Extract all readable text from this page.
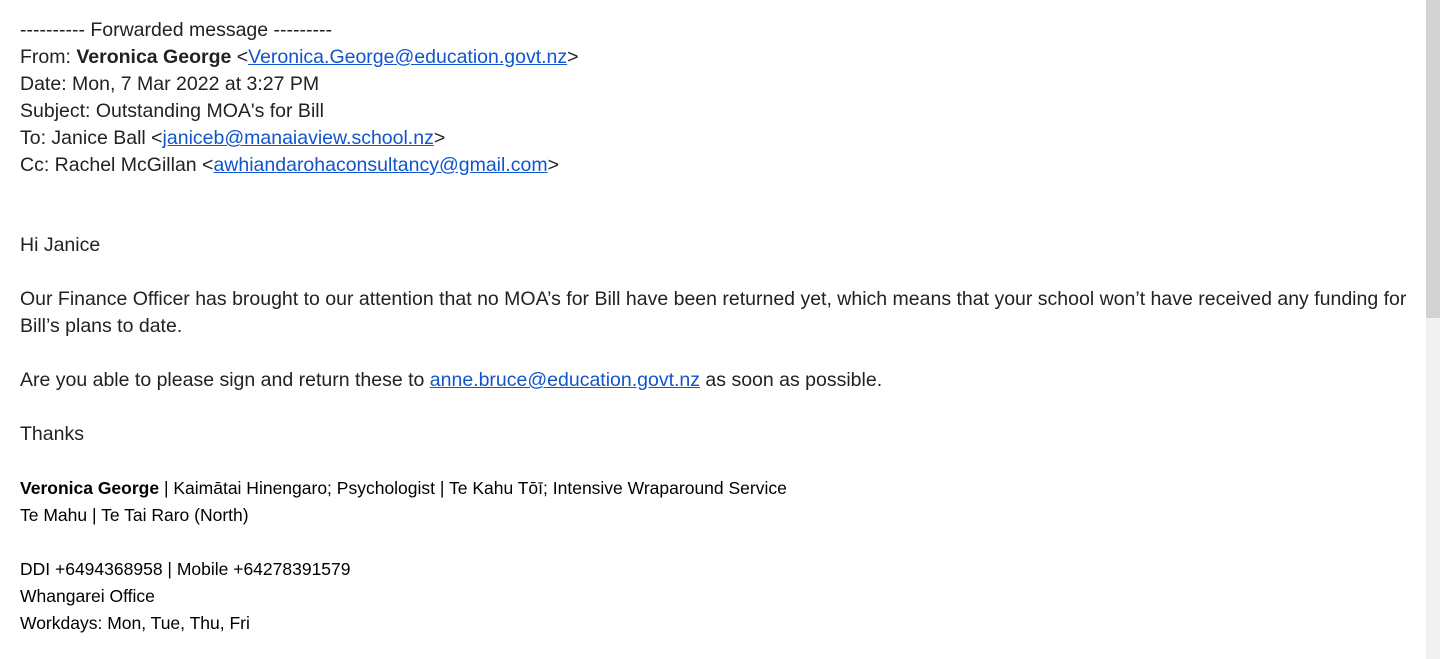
---------- Forwarded message ---------
From: Veronica George <Veronica.George@education.govt.nz>
Date: Mon, 7 Mar 2022 at 3:27 PM
Subject: Outstanding MOA's for Bill
To: Janice Ball <janiceb@manaiaview.school.nz>
Cc: Rachel McGillan <awhiandarohaconsultancy@gmail.com>
Hi Janice
Our Finance Officer has brought to our attention that no MOA’s for Bill have been returned yet, which means that your school won’t have received any funding for Bill’s plans to date.
Are you able to please sign and return these to anne.bruce@education.govt.nz as soon as possible.
Thanks
Veronica George | Kaimātai Hinengaro; Psychologist | Te Kahu Tōī; Intensive Wraparound Service
Te Mahu | Te Tai Raro (North)
DDI +6494368958 | Mobile +64278391579
Whangarei Office
Workdays: Mon, Tue, Thu, Fri
